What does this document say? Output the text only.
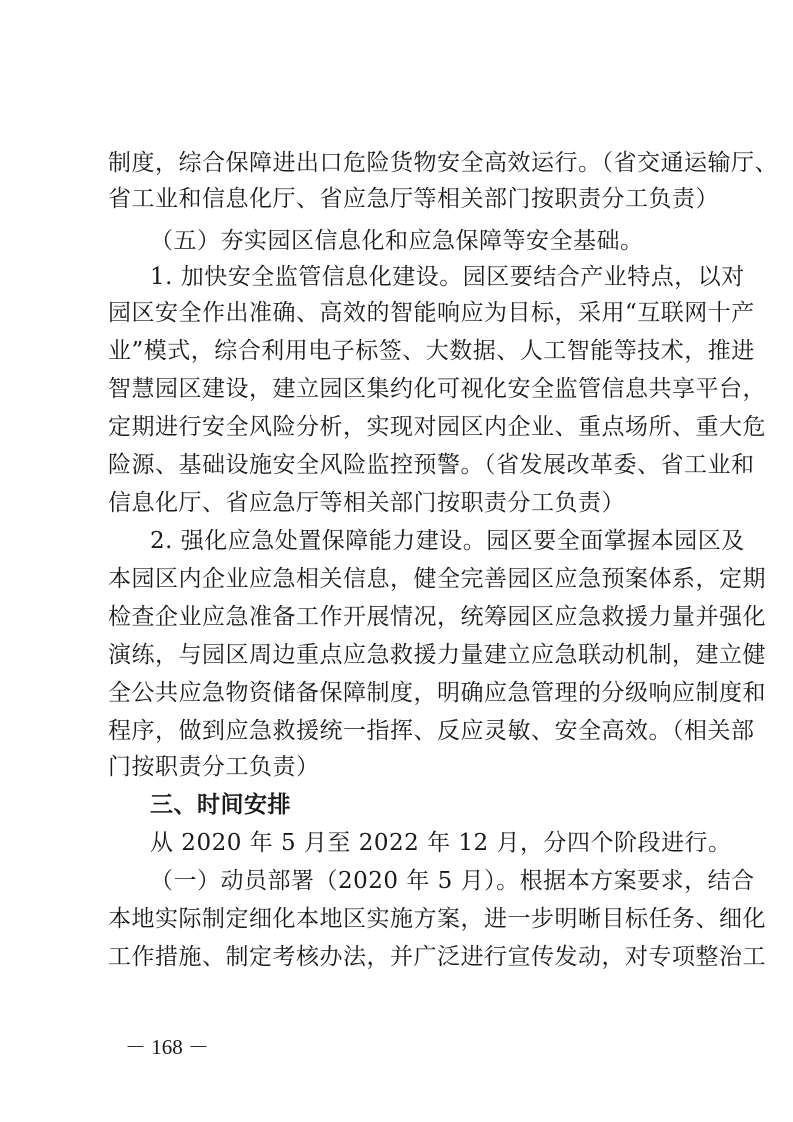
制度，综合保障进出口危险货物安全高效运行。（省交通运输厅、
省工业和信息化厅、省应急厅等相关部门按职责分工负责）
（五）夯实园区信息化和应急保障等安全基础。
1. 加快安全监管信息化建设。园区要结合产业特点，以对
园区安全作出准确、高效的智能响应为目标，采用“互联网十产
业”模式，综合利用电子标签、大数据、人工智能等技术，推进
智慧园区建设，建立园区集约化可视化安全监管信息共享平台，
定期进行安全风险分析，实现对园区内企业、重点场所、重大危
险源、基础设施安全风险监控预警。（省发展改革委、省工业和
信息化厅、省应急厅等相关部门按职责分工负责）
2. 强化应急处置保障能力建设。园区要全面掌握本园区及
本园区内企业应急相关信息，健全完善园区应急预案体系，定期
检查企业应急准备工作开展情况，统筹园区应急救援力量并强化
演练，与园区周边重点应急救援力量建立应急联动机制，建立健
全公共应急物资储备保障制度，明确应急管理的分级响应制度和
程序，做到应急救援统一指挥、反应灵敏、安全高效。（相关部
门按职责分工负责）
三、时间安排
从 2020 年 5 月至 2022 年 12 月，分四个阶段进行。
（一）动员部署（2020 年 5 月）。根据本方案要求，结合
本地实际制定细化本地区实施方案，进一步明晰目标任务、细化
工作措施、制定考核办法，并广泛进行宣传发动，对专项整治工
－ 168 －
